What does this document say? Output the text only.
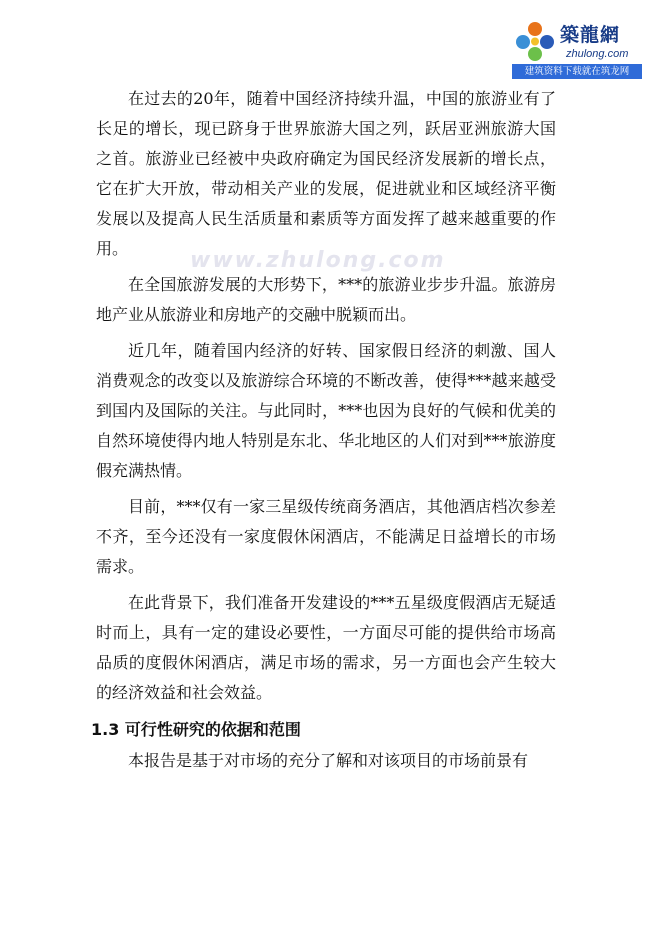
築龍網
zhulong.com
建筑资料下载就在筑龙网
www.zhulong.com

在过去的20年，随着中国经济持续升温，中国的旅游业有了长足的增长，现已跻身于世界旅游大国之列，跃居亚洲旅游大国之首。旅游业已经被中央政府确定为国民经济发展新的增长点，它在扩大开放，带动相关产业的发展，促进就业和区域经济平衡发展以及提高人民生活质量和素质等方面发挥了越来越重要的作用。

在全国旅游发展的大形势下，***的旅游业步步升温。旅游房地产业从旅游业和房地产的交融中脱颖而出。

近几年，随着国内经济的好转、国家假日经济的刺激、国人消费观念的改变以及旅游综合环境的不断改善，使得***越来越受到国内及国际的关注。与此同时，***也因为良好的气候和优美的自然环境使得内地人特别是东北、华北地区的人们对到***旅游度假充满热情。

目前，***仅有一家三星级传统商务酒店，其他酒店档次参差不齐，至今还没有一家度假休闲酒店，不能满足日益增长的市场需求。

在此背景下，我们准备开发建设的***五星级度假酒店无疑适时而上，具有一定的建设必要性，一方面尽可能的提供给市场高品质的度假休闲酒店，满足市场的需求，另一方面也会产生较大的经济效益和社会效益。

1.3 可行性研究的依据和范围

本报告是基于对市场的充分了解和对该项目的市场前景有
